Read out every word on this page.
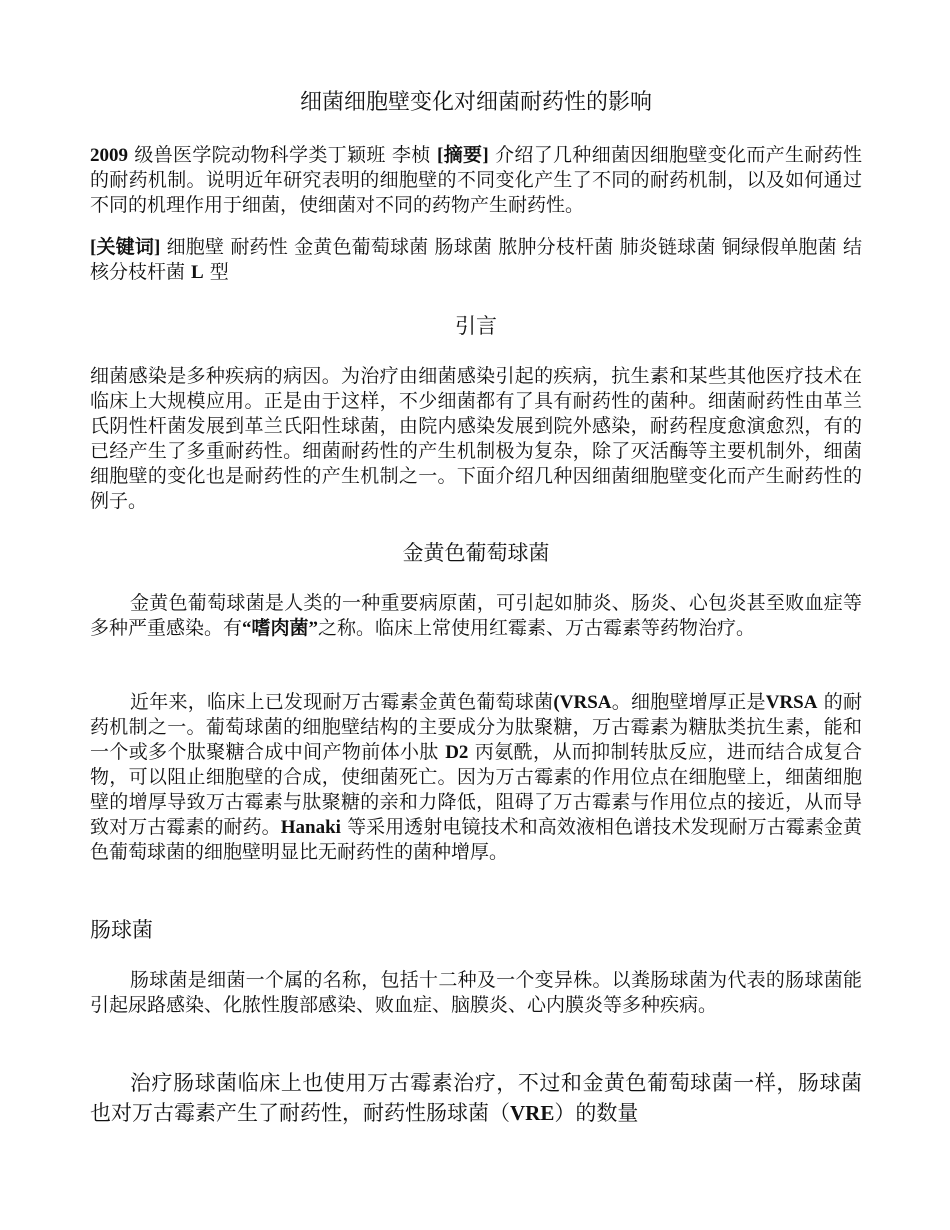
细菌细胞壁变化对细菌耐药性的影响
2009 级兽医学院动物科学类丁颖班 李桢 [摘要] 介绍了几种细菌因细胞壁变化而产生耐药性的耐药机制。说明近年研究表明的细胞壁的不同变化产生了不同的耐药机制，以及如何通过不同的机理作用于细菌，使细菌对不同的药物产生耐药性。
[关键词] 细胞壁 耐药性 金黄色葡萄球菌 肠球菌 脓肿分枝杆菌 肺炎链球菌 铜绿假单胞菌 结核分枝杆菌 L 型
引言
细菌感染是多种疾病的病因。为治疗由细菌感染引起的疾病，抗生素和某些其他医疗技术在临床上大规模应用。正是由于这样，不少细菌都有了具有耐药性的菌种。细菌耐药性由革兰氏阴性杆菌发展到革兰氏阳性球菌，由院内感染发展到院外感染，耐药程度愈演愈烈，有的已经产生了多重耐药性。细菌耐药性的产生机制极为复杂，除了灭活酶等主要机制外，细菌细胞壁的变化也是耐药性的产生机制之一。下面介绍几种因细菌细胞壁变化而产生耐药性的例子。
金黄色葡萄球菌
金黄色葡萄球菌是人类的一种重要病原菌，可引起如肺炎、肠炎、心包炎甚至败血症等多种严重感染。有“嗜肉菌”之称。临床上常使用红霉素、万古霉素等药物治疗。
近年来，临床上已发现耐万古霉素金黄色葡萄球菌(VRSA。细胞壁增厚正是VRSA 的耐药机制之一。葡萄球菌的细胞壁结构的主要成分为肽聚糖，万古霉素为糖肽类抗生素，能和一个或多个肽聚糖合成中间产物前体小肽 D2 丙氨酰，从而抑制转肽反应，进而结合成复合物，可以阻止细胞壁的合成，使细菌死亡。因为万古霉素的作用位点在细胞壁上，细菌细胞壁的增厚导致万古霉素与肽聚糖的亲和力降低，阻碍了万古霉素与作用位点的接近，从而导致对万古霉素的耐药。Hanaki 等采用透射电镜技术和高效液相色谱技术发现耐万古霉素金黄色葡萄球菌的细胞壁明显比无耐药性的菌种增厚。
肠球菌
肠球菌是细菌一个属的名称，包括十二种及一个变异株。以粪肠球菌为代表的肠球菌能引起尿路感染、化脓性腹部感染、败血症、脑膜炎、心内膜炎等多种疾病。
治疗肠球菌临床上也使用万古霉素治疗，不过和金黄色葡萄球菌一样，肠球菌也对万古霉素产生了耐药性，耐药性肠球菌（VRE）的数量
